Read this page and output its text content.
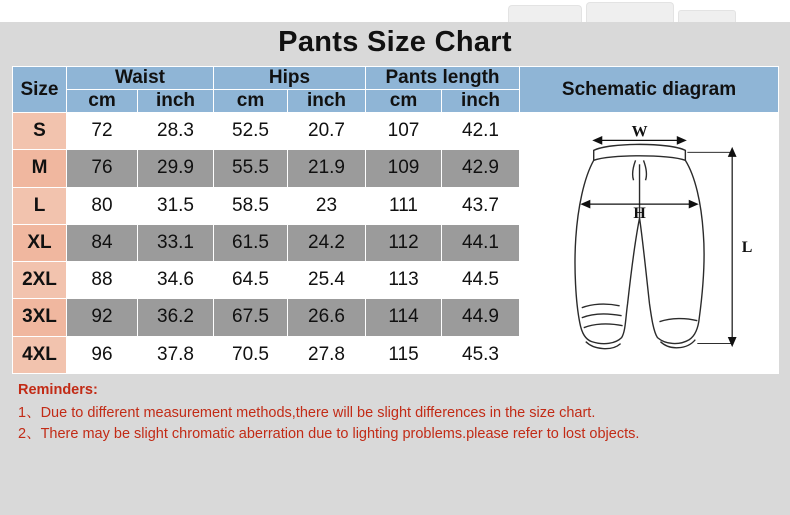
Pants Size Chart
Size	Waist		Hips		Pants length		Schematic diagram
	cm	inch	cm	inch	cm	inch	
S	72	28.3	52.5	20.7	107	42.1	W
H
L

M	76	29.9	55.5	21.9	109	42.9	
L	80	31.5	58.5	23	111	43.7	
XL	84	33.1	61.5	24.2	112	44.1	
2XL	88	34.6	64.5	25.4	113	44.5	
3XL	92	36.2	67.5	26.6	114	44.9	
4XL	96	37.8	70.5	27.8	115	45.3	
Reminders:
1、Due to different measurement methods,there will be slight differences in the size chart.
2、There may be slight chromatic aberration due to lighting problems.please refer to lost objects.
